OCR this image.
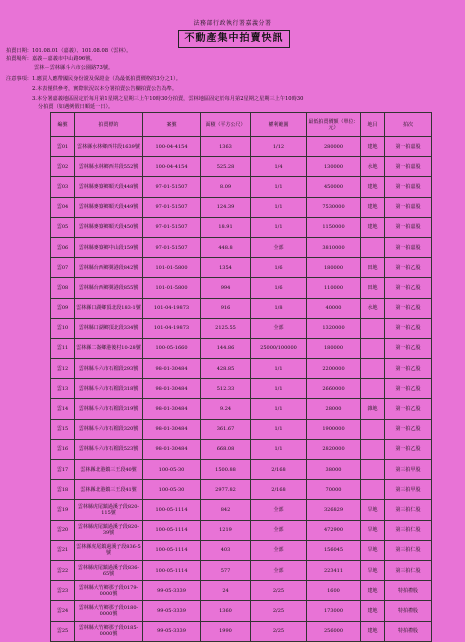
法務部行政執行署嘉義分署
不動產集中拍賣快訊
拍賣日期：101.08.01（嘉義）、101.08.08（雲林）。
拍賣場所：嘉義－嘉義市中山路96號。
雲林－雲林縣斗六市公園路73號。
注意事項：1.應買人應帶國民身份證及保證金（為最低拍賣價格的3分之1）。
2.本表僅供參考，實際狀況以本分署拍賣公告欄拍賣公告為準。
3.本分署嘉義地區固定於每月第1星期之星期三上午10時30分拍賣，雲林地區固定於每月第2星期之星期三上午10時30
分拍賣（如遇例假日順延一日）。
編號	拍賣標的	案號	面積（平方公尺）	權利範圍	最低拍賣價額（單位：元）	地目	拍次
雲01	雲林縣水林鄉西井段1639號	100-04-4154	1363	1/12	280000	建地	第一拍嘉股
雲02	雲林縣水林鄉西井段552號	100-04-4154	525.28	1/4	130000	水地	第一拍嘉股
雲03	雲林縣麥寮鄉順天段448號	97-01-51507	8.09	1/1	450000	建地	第一拍嘉股
雲04	雲林縣麥寮鄉順天段449號	97-01-51507	124.39	1/1	7530000	建地	第一拍嘉股
雲05	雲林縣麥寮鄉順天段450號	97-01-51507	18.91	1/1	1150000	建地	第一拍嘉股
雲06	雲林縣麥寮鄉中山段159號	97-01-51507	448.8	全部	3810000		第一拍嘉股
雲07	雲林縣台西鄉翼港段842號	101-01-5800	1354	1/6	180000	田地	第一拍乙股
雲08	雲林縣台西鄉翼港段855號	101-01-5800	994	1/6	110000	田地	第一拍乙股
雲09	雲林縣口湖鄉頂北段183-1號	101-04-19873	916	1/8	40000	水地	第一拍乙股
雲10	雲林縣口湖鄉頂北段334號	101-04-19873	2125.55	全部	1320000		第一拍乙股
雲11	雲林縣二崙鄉港後村10-28號	100-05-1660	144.86	25000/100000	180000		第一拍乙股
雲12	雲林縣斗六市石榴段293號	98-01-30484	428.85	1/1	2200000		第一拍乙股
雲13	雲林縣斗六市石榴段318號	98-01-30484	512.33	1/1	2660000		第一拍乙股
雲14	雲林縣斗六市石榴段319號	98-01-30484	9.24	1/1	28000	雜地	第一拍乙股
雲15	雲林縣斗六市石榴段320號	98-01-30484	361.67	1/1	1900000		第一拍乙股
雲16	雲林縣斗六市石榴段523號	98-01-30484	668.08	1/1	2820000		第一拍乙股
雲17	雲林縣北港鎮三王段40號	100-05-30	1500.88	2/168	38000		第三拍甲股
雲18	雲林縣北港鎮三王段41號	100-05-30	2977.82	2/168	70000		第三拍甲股
雲19	雲林縣虎尾鎮過溪子段820-115號	100-05-1114	842	全部	326829	旱地	第三拍仁股
雲20	雲林縣虎尾鎮過溪子段820-39號	100-05-1114	1219	全部	472900	旱地	第三拍仁股
雲21	雲林縣虎尾鎮過溪子段836-5號	100-05-1114	403	全部	156045	旱地	第三拍仁股
雲22	雲林縣虎尾鎮過溪子段836-65號	100-05-1114	577	全部	223411	旱地	第三拍仁股
雲23	雲林縣大竹鄉那子段0179-0000號	99-05-3339	24	2/25	1600	建地	特拍禮股
雲24	雲林縣大竹鄉那子段0180-0000號	99-05-3339	1360	2/25	173000	建地	特拍禮股
雲25	雲林縣大竹鄉那子段0185-0000號	99-05-3339	1990	2/25	256000	建地	特拍禮股
